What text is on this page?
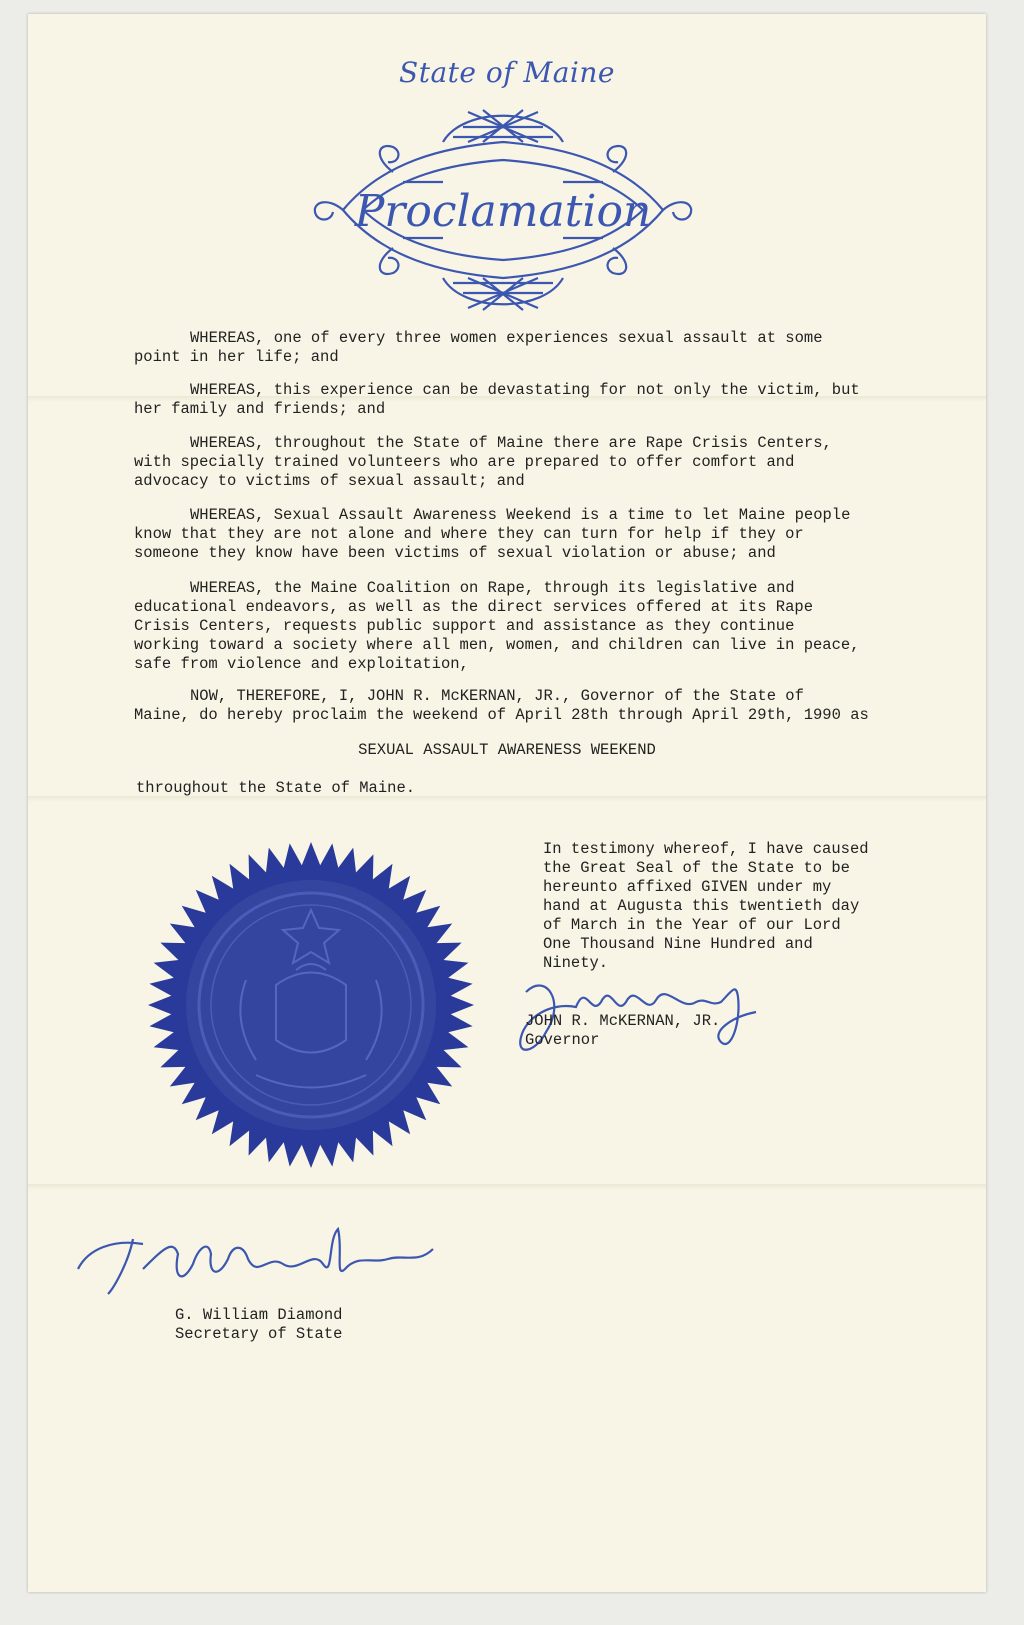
State of Maine
Proclamation
WHEREAS, one of every three women experiences sexual assault at some
point in her life; and
WHEREAS, this experience can be devastating for not only the victim, but
her family and friends; and
WHEREAS, throughout the State of Maine there are Rape Crisis Centers,
with specially trained volunteers who are prepared to offer comfort and
advocacy to victims of sexual assault; and
WHEREAS, Sexual Assault Awareness Weekend is a time to let Maine people
know that they are not alone and where they can turn for help if they or
someone they know have been victims of sexual violation or abuse; and
WHEREAS, the Maine Coalition on Rape, through its legislative and
educational endeavors, as well as the direct services offered at its Rape
Crisis Centers, requests public support and assistance as they continue
working toward a society where all men, women, and children can live in peace,
safe from violence and exploitation,
NOW, THEREFORE, I, JOHN R. McKERNAN, JR., Governor of the State of
Maine, do hereby proclaim the weekend of April 28th through April 29th, 1990 as
SEXUAL ASSAULT AWARENESS WEEKEND
throughout the State of Maine.
In testimony whereof, I have caused
the Great Seal of the State to be
hereunto affixed GIVEN under my
hand at Augusta this twentieth day
of March in the Year of our Lord
One Thousand Nine Hundred and
Ninety.
JOHN R. McKERNAN, JR.
Governor
G. William Diamond
Secretary of State
